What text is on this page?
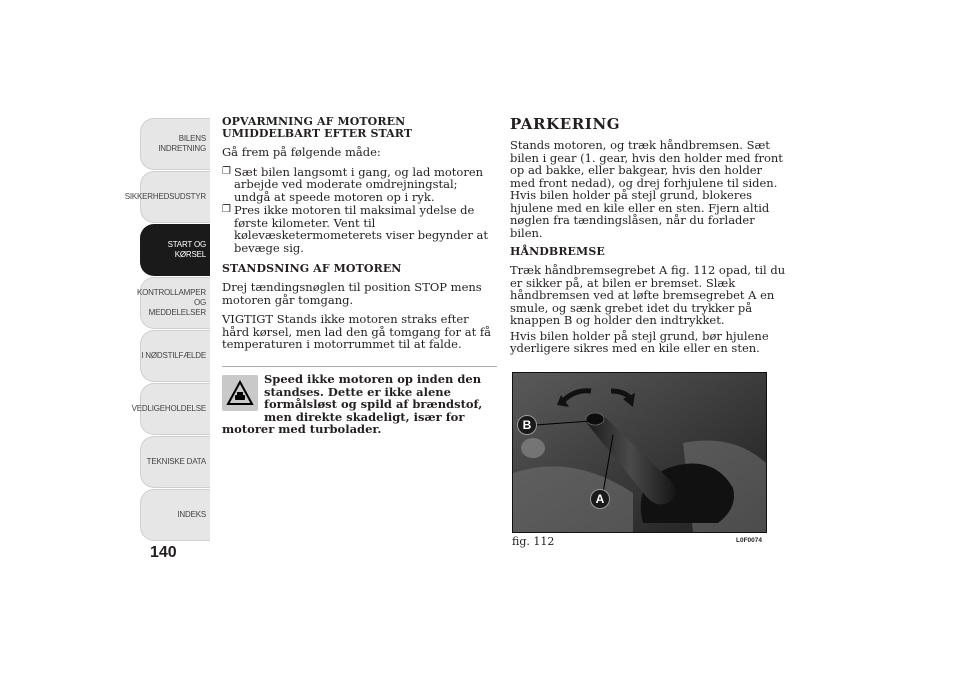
BILENS INDRETNING
SIKKERHEDSUDSTYR
START OG KØRSEL
KONTROLLAMPER OG MEDDELELSER
I NØDSTILFÆLDE
VEDLIGEHOLDELSE
TEKNISKE DATA
INDEKS
140
OPVARMNING AF MOTOREN UMIDDELBART EFTER START

Gå frem på følgende måde:

❒ Sæt bilen langsomt i gang, og lad motoren arbejde ved moderate omdrejningstal; undgå at speede motoren op i ryk.
❒ Pres ikke motoren til maksimal ydelse de første kilometer. Vent til kølevæsketermometerets viser begynder at bevæge sig.
STANDSNING AF MOTOREN

Drej tændingsnøglen til position STOP mens motoren går tomgang.

VIGTIGT Stands ikke motoren straks efter hård kørsel, men lad den gå tomgang for at få temperaturen i motorrummet til at falde.

Speed ikke motoren op inden den standses. Dette er ikke alene formålsløst og spild af brændstof, men direkte skadeligt, især for motorer med turbolader.
PARKERING

Stands motoren, og træk håndbremsen. Sæt bilen i gear (1. gear, hvis den holder med front op ad bakke, eller bakgear, hvis den holder med front nedad), og drej forhjulene til siden. Hvis bilen holder på stejl grund, blokeres hjulene med en kile eller en sten. Fjern altid nøglen fra tændingslåsen, når du forlader bilen.

HÅNDBREMSE

Træk håndbremsegrebet A fig. 112 opad, til du er sikker på, at bilen er bremset. Slæk håndbremsen ved at løfte bremsegrebet A en smule, og sænk grebet idet du trykker på knappen B og holder den indtrykket.

Hvis bilen holder på stejl grund, bør hjulene yderligere sikres med en kile eller en sten.

B
A
fig. 112	L0F0074
